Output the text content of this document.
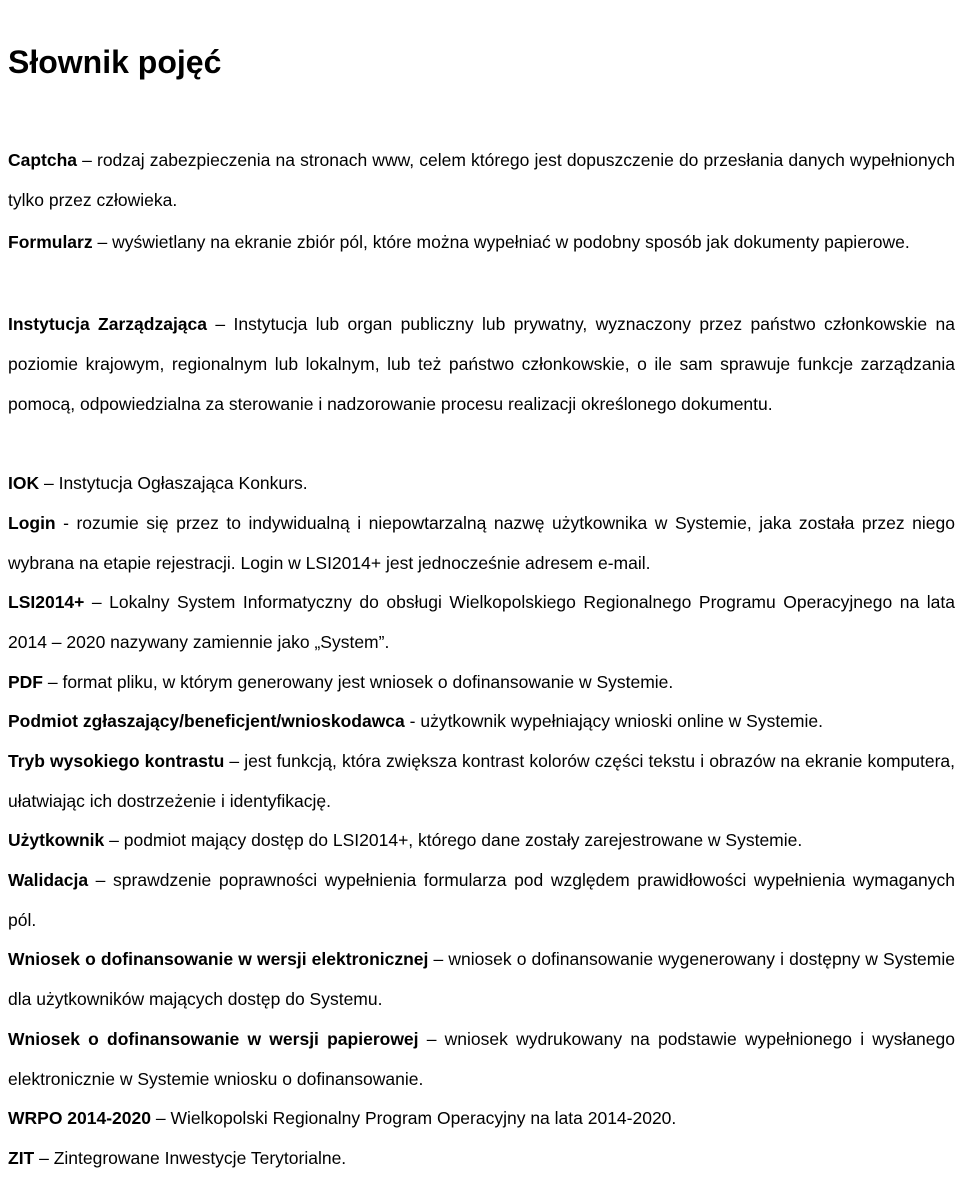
Słownik pojęć

Captcha – rodzaj zabezpieczenia na stronach www, celem którego jest dopuszczenie do przesłania danych wypełnionych tylko przez człowieka.

Formularz – wyświetlany na ekranie zbiór pól, które można wypełniać w podobny sposób jak dokumenty papierowe.

Instytucja Zarządzająca – Instytucja lub organ publiczny lub prywatny, wyznaczony przez państwo członkowskie na poziomie krajowym, regionalnym lub lokalnym, lub też państwo członkowskie, o ile sam sprawuje funkcje zarządzania pomocą, odpowiedzialna za sterowanie i nadzorowanie procesu realizacji określonego dokumentu.

IOK – Instytucja Ogłaszająca Konkurs.

Login - rozumie się przez to indywidualną i niepowtarzalną nazwę użytkownika w Systemie, jaka została przez niego wybrana na etapie rejestracji. Login w LSI2014+ jest jednocześnie adresem e-mail.

LSI2014+ – Lokalny System Informatyczny do obsługi Wielkopolskiego Regionalnego Programu Operacyjnego na lata 2014 – 2020 nazywany zamiennie jako „System”.

PDF – format pliku, w którym generowany jest wniosek o dofinansowanie w Systemie.

Podmiot zgłaszający/beneficjent/wnioskodawca - użytkownik wypełniający wnioski online w Systemie.

Tryb wysokiego kontrastu – jest funkcją, która zwiększa kontrast kolorów części tekstu i obrazów na ekranie komputera, ułatwiając ich dostrzeżenie i identyfikację.

Użytkownik – podmiot mający dostęp do LSI2014+, którego dane zostały zarejestrowane w Systemie.

Walidacja – sprawdzenie poprawności wypełnienia formularza pod względem prawidłowości wypełnienia wymaganych pól.

Wniosek o dofinansowanie w wersji elektronicznej – wniosek o dofinansowanie wygenerowany i dostępny w Systemie dla użytkowników mających dostęp do Systemu.

Wniosek o dofinansowanie w wersji papierowej – wniosek wydrukowany na podstawie wypełnionego i wysłanego elektronicznie w Systemie wniosku o dofinansowanie.

WRPO 2014-2020 – Wielkopolski Regionalny Program Operacyjny na lata 2014-2020.

ZIT – Zintegrowane Inwestycje Terytorialne.
